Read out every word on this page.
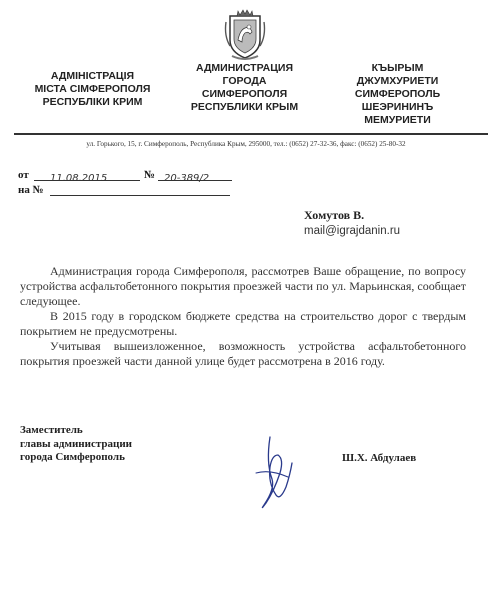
АДМІНІСТРАЦІЯ
МІСТА СІМФЕРОПОЛЯ
РЕСПУБЛІКИ КРИМ
АДМИНИСТРАЦИЯ
ГОРОДА
СИМФЕРОПОЛЯ
РЕСПУБЛИКИ КРЫМ
КЪЫРЫМ
ДЖУМХУРИЕТИ
СИМФЕРОПОЛЬ
ШЕЭРИНИНЪ
МЕМУРИЕТИ
ул. Горького, 15, г. Симферополь, Республика Крым, 295000, тел.: (0652) 27-32-36, факс: (0652) 25-80-32
от	11.08.2015	№ 20-389/2
на №
Хомутов В.
mail@igrajdanin.ru

Администрация города Симферополя, рассмотрев Ваше обращение, по вопросу устройства асфальтобетонного покрытия проезжей части по ул. Марьинская, сообщает следующее.

В 2015 году в городском бюджете средства на строительство дорог с твердым покрытием не предусмотрены.

Учитывая вышеизложенное, возможность устройства асфальтобетонного покрытия проезжей части данной улице будет рассмотрена в 2016 году.

Заместитель
главы администрации
города Симферополь	Ш.Х. Абдулаев
